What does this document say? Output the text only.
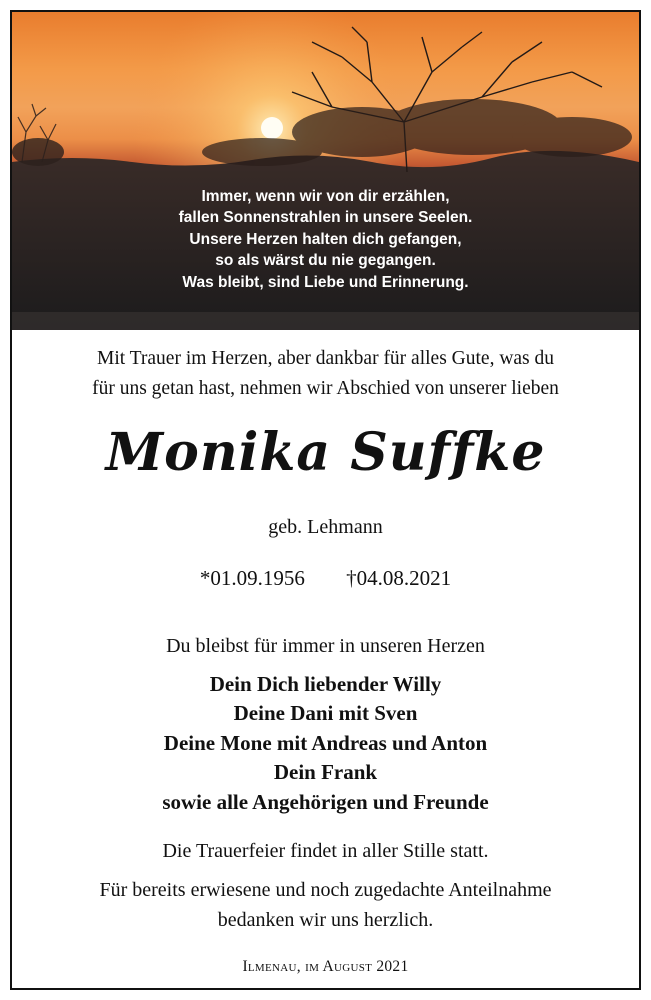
Immer, wenn wir von dir erzählen,
fallen Sonnenstrahlen in unsere Seelen.
Unsere Herzen halten dich gefangen,
so als wärst du nie gegangen.
Was bleibt, sind Liebe und Erinnerung.
Mit Trauer im Herzen, aber dankbar für alles Gute, was du
für uns getan hast, nehmen wir Abschied von unserer lieben
Monika Suffke
geb. Lehmann
*01.09.1956 †04.08.2021
Du bleibst für immer in unseren Herzen
Dein Dich liebender Willy
Deine Dani mit Sven
Deine Mone mit Andreas und Anton
Dein Frank
sowie alle Angehörigen und Freunde
Die Trauerfeier findet in aller Stille statt.
Für bereits erwiesene und noch zugedachte Anteilnahme
bedanken wir uns herzlich.
Ilmenau, im August 2021
